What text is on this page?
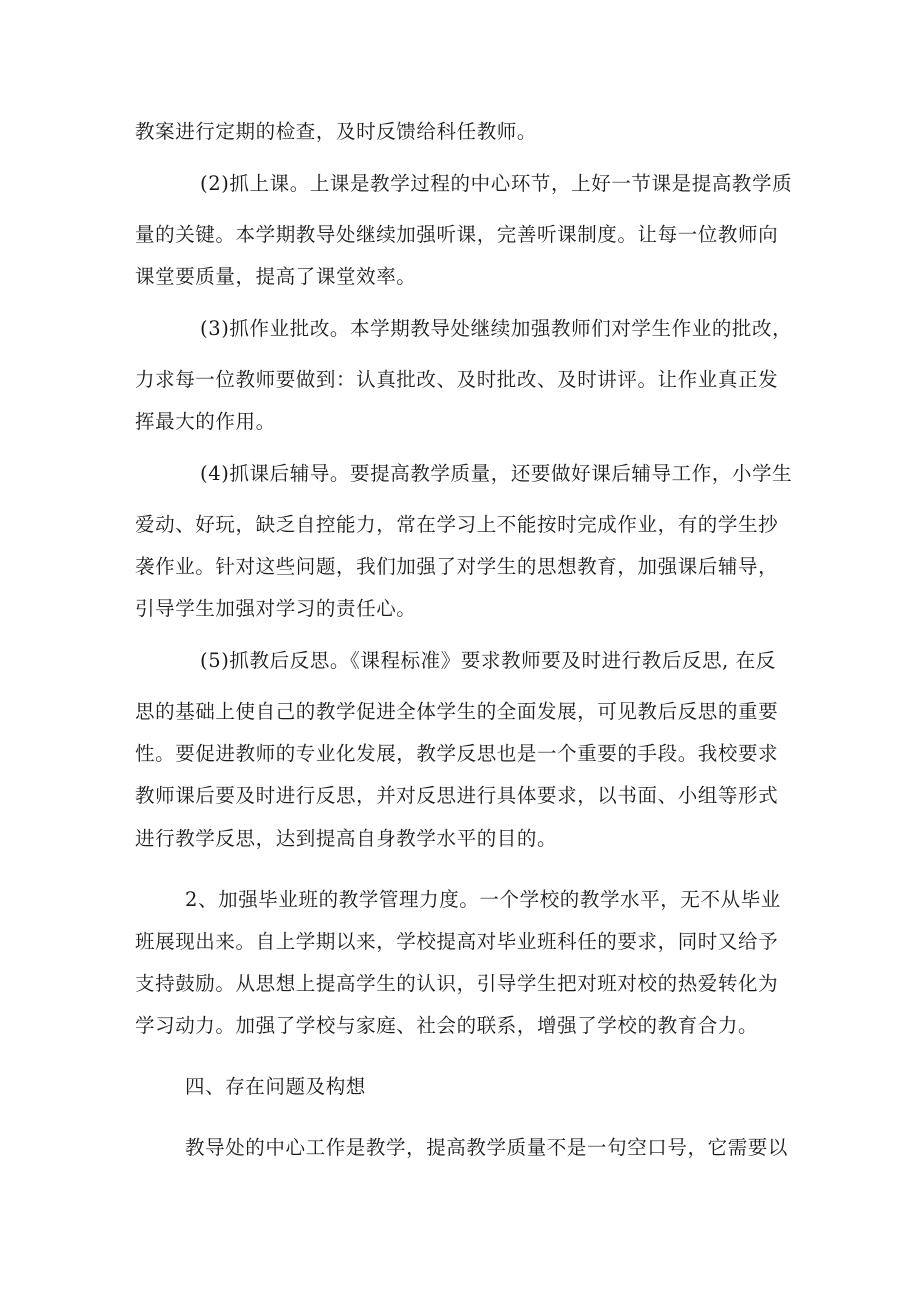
教案进行定期的检查，及时反馈给科任教师。
(2)抓上课。上课是教学过程的中心环节，上好一节课是提高教学质
量的关键。本学期教导处继续加强听课，完善听课制度。让每一位教师向
课堂要质量，提高了课堂效率。
(3)抓作业批改。本学期教导处继续加强教师们对学生作业的批改，
力求每一位教师要做到：认真批改、及时批改、及时讲评。让作业真正发
挥最大的作用。
(4)抓课后辅导。要提高教学质量，还要做好课后辅导工作，小学生
爱动、好玩，缺乏自控能力，常在学习上不能按时完成作业，有的学生抄
袭作业。针对这些问题，我们加强了对学生的思想教育，加强课后辅导，
引导学生加强对学习的责任心。
(5)抓教后反思。《课程标准》要求教师要及时进行教后反思, 在反
思的基础上使自己的教学促进全体学生的全面发展，可见教后反思的重要
性。要促进教师的专业化发展，教学反思也是一个重要的手段。我校要求
教师课后要及时进行反思，并对反思进行具体要求，以书面、小组等形式
进行教学反思，达到提高自身教学水平的目的。
2、加强毕业班的教学管理力度。一个学校的教学水平，无不从毕业
班展现出来。自上学期以来，学校提高对毕业班科任的要求，同时又给予
支持鼓励。从思想上提高学生的认识，引导学生把对班对校的热爱转化为
学习动力。加强了学校与家庭、社会的联系，增强了学校的教育合力。
四、存在问题及构想
教导处的中心工作是教学，提高教学质量不是一句空口号，它需要以
